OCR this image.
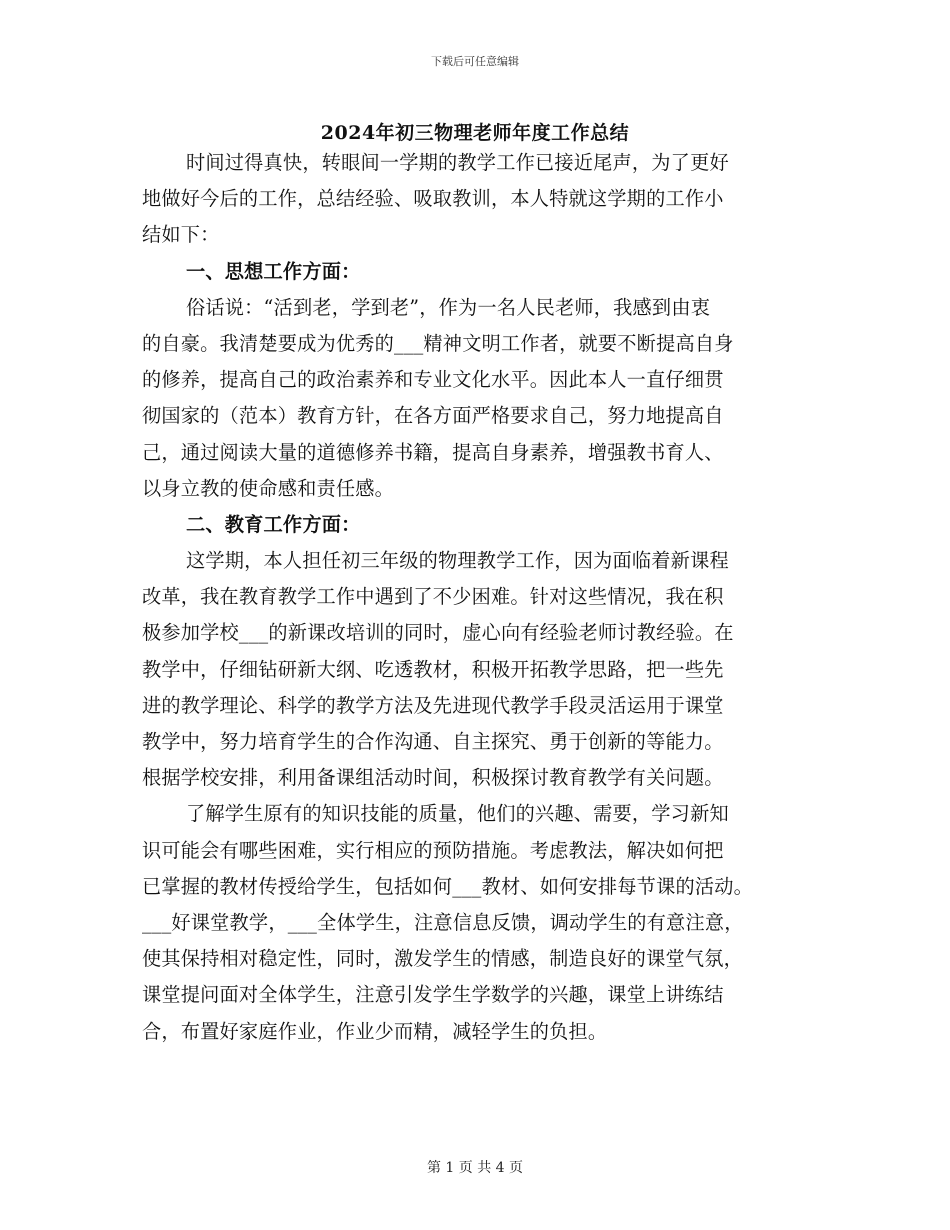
下载后可任意编辑
2024年初三物理老师年度工作总结
时间过得真快，转眼间一学期的教学工作已接近尾声，为了更好
地做好今后的工作，总结经验、吸取教训，本人特就这学期的工作小
结如下：
一、思想工作方面：
俗话说：“活到老，学到老”，作为一名人民老师，我感到由衷
的自豪。我清楚要成为优秀的___精神文明工作者，就要不断提高自身
的修养，提高自己的政治素养和专业文化水平。因此本人一直仔细贯
彻国家的（范本）教育方针，在各方面严格要求自己，努力地提高自
己，通过阅读大量的道德修养书籍，提高自身素养，增强教书育人、
以身立教的使命感和责任感。
二、教育工作方面：
这学期，本人担任初三年级的物理教学工作，因为面临着新课程
改革，我在教育教学工作中遇到了不少困难。针对这些情况，我在积
极参加学校___的新课改培训的同时，虚心向有经验老师讨教经验。在
教学中，仔细钻研新大纲、吃透教材，积极开拓教学思路，把一些先
进的教学理论、科学的教学方法及先进现代教学手段灵活运用于课堂
教学中，努力培育学生的合作沟通、自主探究、勇于创新的等能力。
根据学校安排，利用备课组活动时间，积极探讨教育教学有关问题。
了解学生原有的知识技能的质量，他们的兴趣、需要，学习新知
识可能会有哪些困难，实行相应的预防措施。考虑教法，解决如何把
已掌握的教材传授给学生，包括如何___教材、如何安排每节课的活动。
___好课堂教学，___全体学生，注意信息反馈，调动学生的有意注意，
使其保持相对稳定性，同时，激发学生的情感，制造良好的课堂气氛，
课堂提问面对全体学生，注意引发学生学数学的兴趣，课堂上讲练结
合，布置好家庭作业，作业少而精，减轻学生的负担。
第 1 页 共 4 页
